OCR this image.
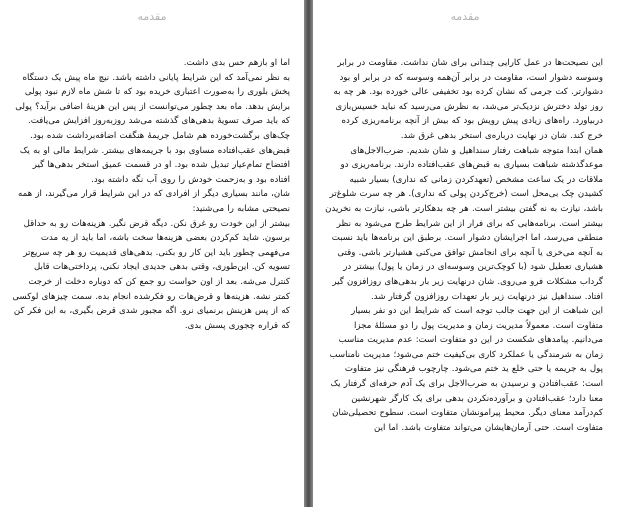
مقدمه

اما او بازهم حس بدی داشت.

به نظر نمی‌آمد که این شرایط پایانی داشته باشد. نیچ ماه پیش یک دستگاه پخش بلوری را به‌صورت اعتباری خریده بود که تا شش ماه لازم نبود پولی برایش بدهد. ماه بعد چطور می‌توانست از پس این هزینهٔ اضافی برآید؟ پولی که باید صرف تسویهٔ بدهی‌های گذشته می‌شد روزبه‌روز افزایش می‌یافت. چک‌های برگشت‌خورده هم شامل جریمهٔ هنگفت اضافه‌برداشت شده بود. قبض‌های عقب‌افتاده مساوی بود با جریمه‌های بیشتر. شرایط مالی او به یک افتضاح تمام‌عیار تبدیل شده بود. او در قسمت عمیق استخر بدهی‌ها گیر افتاده بود و به‌زحمت خودش را روی آب نگه داشته بود.

شان، مانند بسیاری دیگر از افرادی که در این شرایط قرار می‌گیرند، از همه نصیحتی مشابه را می‌شنید:

بیشتر از این خودت رو غرق نکن. دیگه قرض نگیر. هزینه‌هات رو به حداقل برسون. شاید کم‌کردن بعضی هزینه‌ها سخت باشه، اما باید از یه مدت می‌فهمی چطور باید این کار رو بکنی. بدهی‌های قدیمیت رو هر چه سریع‌تر تسویه کن. این‌طوری، وقتی بدهی جدیدی ایجاد نکنی، پرداختی‌هات قابل کنترل می‌شه. بعد از اون حواست رو جمع کن که دوباره دخلت از خرجت کمتر نشه. هزینه‌ها و قرض‌هات رو فکرشده انجام بده. سمت چیزهای لوکسی که از پس هزینش برنمیای نرو. اگه مجبور شدی قرض بگیری، به این فکر کن که قراره چجوری پسش بدی.

مقدمه

این نصیحت‌ها در عمل کارایی چندانی برای شان نداشت. مقاومت در برابر وسوسه دشوار است، مقاومت در برابر آن‌همه وسوسه که در برابر او بود دشوارتر. کت جرمی که نشان کرده بود تخفیفی عالی خورده بود. هر چه به روز تولد دخترش نزدیک‌تر می‌شد، به نظرش می‌رسید که نباید خسیس‌بازی دربیاورد. راه‌های زیادی پیش رویش بود که بیش از آنچه برنامه‌ریزی کرده خرج کند. شان در نهایت درباره‌ی استخر بدهی غرق شد.

همان ابتدا متوجه شباهت رفتار سنداهیل و شان شدیم. ضرب‌الاجل‌های موعدگذشته شباهت بسیاری به قبض‌های عقب‌افتاده دارند. برنامه‌ریزی دو ملاقات در یک ساعت مشخص (تعهدکردن زمانی که نداری) بسیار شبیه کشیدن چک بی‌محل است (خرج‌کردن پولی که نداری). هر چه سرت شلوغ‌تر باشد، نیازت به نه گفتن بیشتر است. هر چه بدهکارتر باشی، نیازت به نخریدن بیشتر است. برنامه‌هایی که برای فرار از این شرایط طرح می‌شود به نظر منطقی می‌رسد، اما اجرایشان دشوار است. برطبق این برنامه‌ها باید نسبت به آنچه می‌خری یا آنچه برای انجامش توافق می‌کنی هشیارتر باشی. وقتی هشیاری تعطیل شود (با کوچک‌ترین وسوسه‌ای در زمان یا پول) بیشتر در گرداب مشکلات فرو می‌روی. شان درنهایت زیر بار بدهی‌های روزافزون گیر افتاد. سنداهیل نیز درنهایت زیر بار تعهدات روزافزون گرفتار شد.

این شباهت از این جهت جالب توجه است که شرایط این دو نفر بسیار متفاوت است. معمولاً مدیریت زمان و مدیریت پول را دو مسئلهٔ مجزا می‌دانیم. پیامدهای شکست در این دو متفاوت است: عدم مدیریت مناسب زمان به شرمندگی یا عملکرد کاری بی‌کیفیت ختم می‌شود؛ مدیریت نامناسب پول به جریمه یا حتی خلع ید ختم می‌شود. چارچوب فرهنگی نیز متفاوت است: عقب‌افتادن و نرسیدن به ضرب‌الاجل برای یک آدم حرفه‌ای گرفتار یک معنا دارد؛ عقب‌افتادن و برآورده‌نکردن بدهی برای یک کارگر شهرنشین کم‌درآمد معنای دیگر. محیط پیرامونشان متفاوت است. سطوح تحصیلی‌شان متفاوت است. حتی آرمان‌هایشان می‌تواند متفاوت باشد. اما این
